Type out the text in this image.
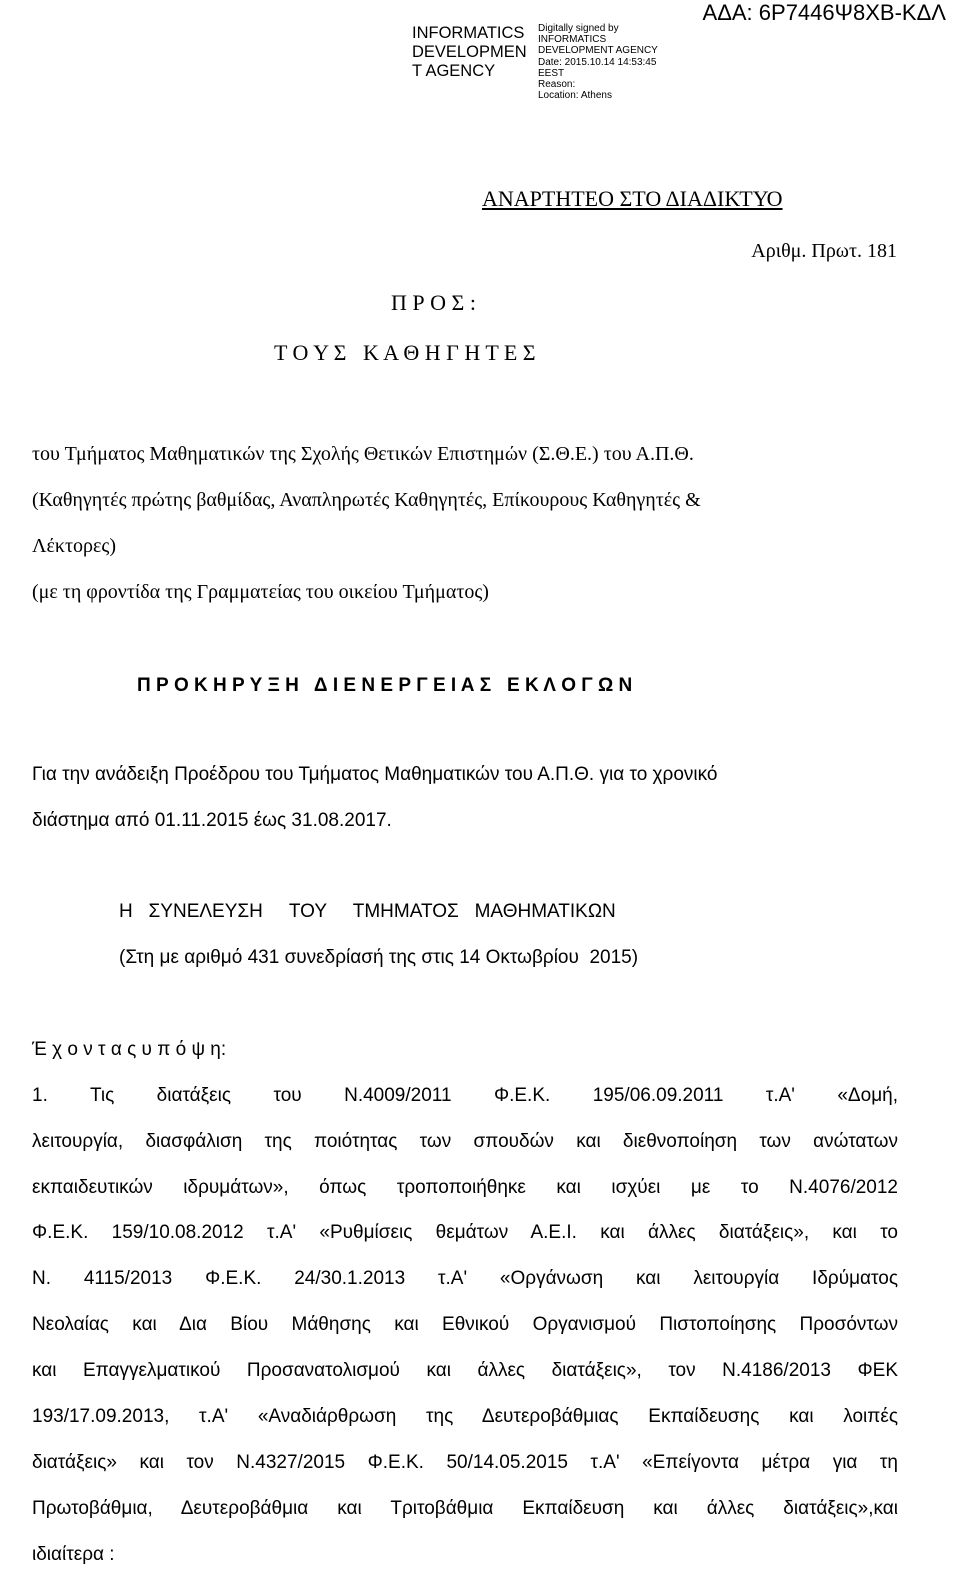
INFORMATICS
DEVELOPMEN
T AGENCY
Digitally signed by
INFORMATICS
DEVELOPMENT AGENCY
Date: 2015.10.14 14:53:45
EEST
Reason:
Location: Athens
ΑΔΑ: 6Ρ7446Ψ8ΧΒ-ΚΔΛ
ΑΝΑΡΤΗΤΕΟ ΣΤΟ ΔΙΑΔΙΚΤΥΟ
Αριθμ. Πρωτ. 181
Π Ρ Ο Σ :
Τ Ο Υ Σ   Κ Α Θ Η Γ Η Τ Ε Σ
του Τμήματος Μαθηματικών της Σχολής Θετικών Επιστημών (Σ.Θ.Ε.) του Α.Π.Θ.
(Καθηγητές πρώτης βαθμίδας, Αναπληρωτές Καθηγητές, Επίκουρους Καθηγητές &
Λέκτορες)
(με τη φροντίδα της Γραμματείας του οικείου Τμήματος)
Π Ρ Ο Κ Η Ρ Υ Ξ Η   Δ Ι Ε Ν Ε Ρ Γ Ε Ι Α Σ   Ε Κ Λ Ο Γ Ω Ν
Για την ανάδειξη Προέδρου του Τμήματος Μαθηματικών του Α.Π.Θ. για το χρονικό
διάστημα από 01.11.2015 έως 31.08.2017.
Η   ΣΥΝΕΛΕΥΣΗ     ΤΟΥ     ΤΜΗΜΑΤΟΣ   ΜΑΘΗΜΑΤΙΚΩΝ
(Στη με αριθμό 431 συνεδρίασή της στις 14 Οκτωβρίου  2015)
Έ χ ο ν τ α ς υ π ό ψ η:
1. Τις διατάξεις του Ν.4009/2011 Φ.Ε.Κ. 195/06.09.2011 τ.Α' «Δομή,
λειτουργία, διασφάλιση της ποιότητας των σπουδών και διεθνοποίηση των ανώτατων
εκπαιδευτικών ιδρυμάτων», όπως τροποποιήθηκε και ισχύει με το Ν.4076/2012
Φ.Ε.Κ. 159/10.08.2012 τ.Α' «Ρυθμίσεις θεμάτων Α.Ε.Ι. και άλλες διατάξεις», και το
Ν. 4115/2013 Φ.Ε.Κ. 24/30.1.2013 τ.Α' «Οργάνωση και λειτουργία Ιδρύματος
Νεολαίας και Δια Βίου Μάθησης και Εθνικού Οργανισμού Πιστοποίησης Προσόντων
και Επαγγελματικού Προσανατολισμού και άλλες διατάξεις», τον Ν.4186/2013 ΦΕΚ
193/17.09.2013, τ.Α' «Αναδιάρθρωση της Δευτεροβάθμιας Εκπαίδευσης και λοιπές
διατάξεις» και τον Ν.4327/2015 Φ.Ε.Κ. 50/14.05.2015 τ.Α' «Επείγοντα μέτρα για τη
Πρωτοβάθμια, Δευτεροβάθμια και Τριτοβάθμια Εκπαίδευση και άλλες διατάξεις»,και
ιδιαίτερα :
